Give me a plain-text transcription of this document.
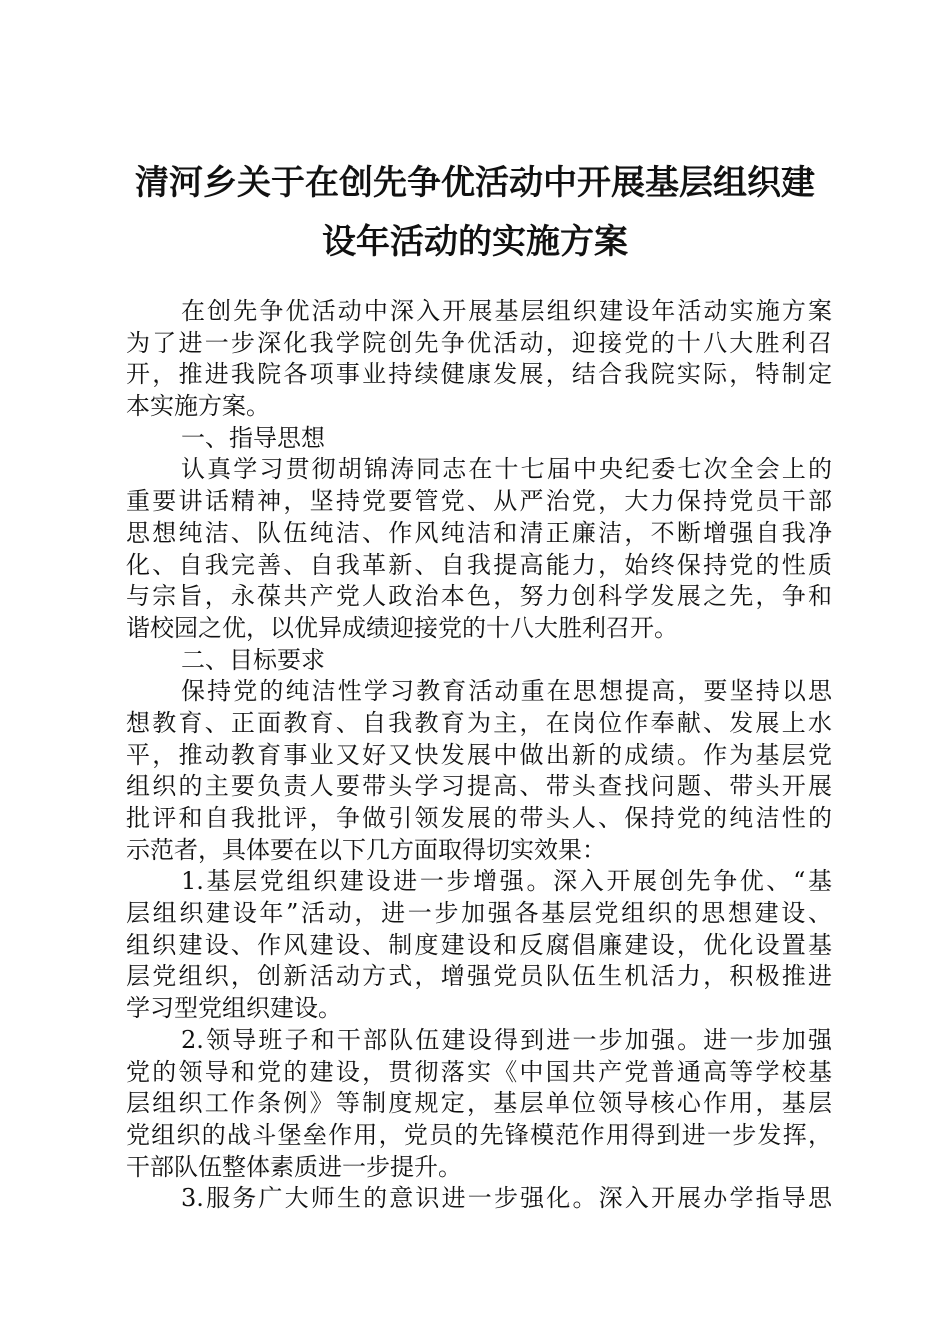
清河乡关于在创先争优活动中开展基层组织建
设年活动的实施方案
在创先争优活动中深入开展基层组织建设年活动实施方案
为了进一步深化我学院创先争优活动，迎接党的十八大胜利召
开，推进我院各项事业持续健康发展，结合我院实际，特制定
本实施方案。
一、指导思想
认真学习贯彻胡锦涛同志在十七届中央纪委七次全会上的
重要讲话精神，坚持党要管党、从严治党，大力保持党员干部
思想纯洁、队伍纯洁、作风纯洁和清正廉洁，不断增强自我净
化、自我完善、自我革新、自我提高能力，始终保持党的性质
与宗旨，永葆共产党人政治本色，努力创科学发展之先，争和
谐校园之优，以优异成绩迎接党的十八大胜利召开。
二、目标要求
保持党的纯洁性学习教育活动重在思想提高，要坚持以思
想教育、正面教育、自我教育为主，在岗位作奉献、发展上水
平，推动教育事业又好又快发展中做出新的成绩。作为基层党
组织的主要负责人要带头学习提高、带头查找问题、带头开展
批评和自我批评，争做引领发展的带头人、保持党的纯洁性的
示范者，具体要在以下几方面取得切实效果：
1.基层党组织建设进一步增强。深入开展创先争优、“基
层组织建设年”活动，进一步加强各基层党组织的思想建设、
组织建设、作风建设、制度建设和反腐倡廉建设，优化设置基
层党组织，创新活动方式，增强党员队伍生机活力，积极推进
学习型党组织建设。
2.领导班子和干部队伍建设得到进一步加强。进一步加强
党的领导和党的建设，贯彻落实《中国共产党普通高等学校基
层组织工作条例》等制度规定，基层单位领导核心作用，基层
党组织的战斗堡垒作用，党员的先锋模范作用得到进一步发挥，
干部队伍整体素质进一步提升。
3.服务广大师生的意识进一步强化。深入开展办学指导思
